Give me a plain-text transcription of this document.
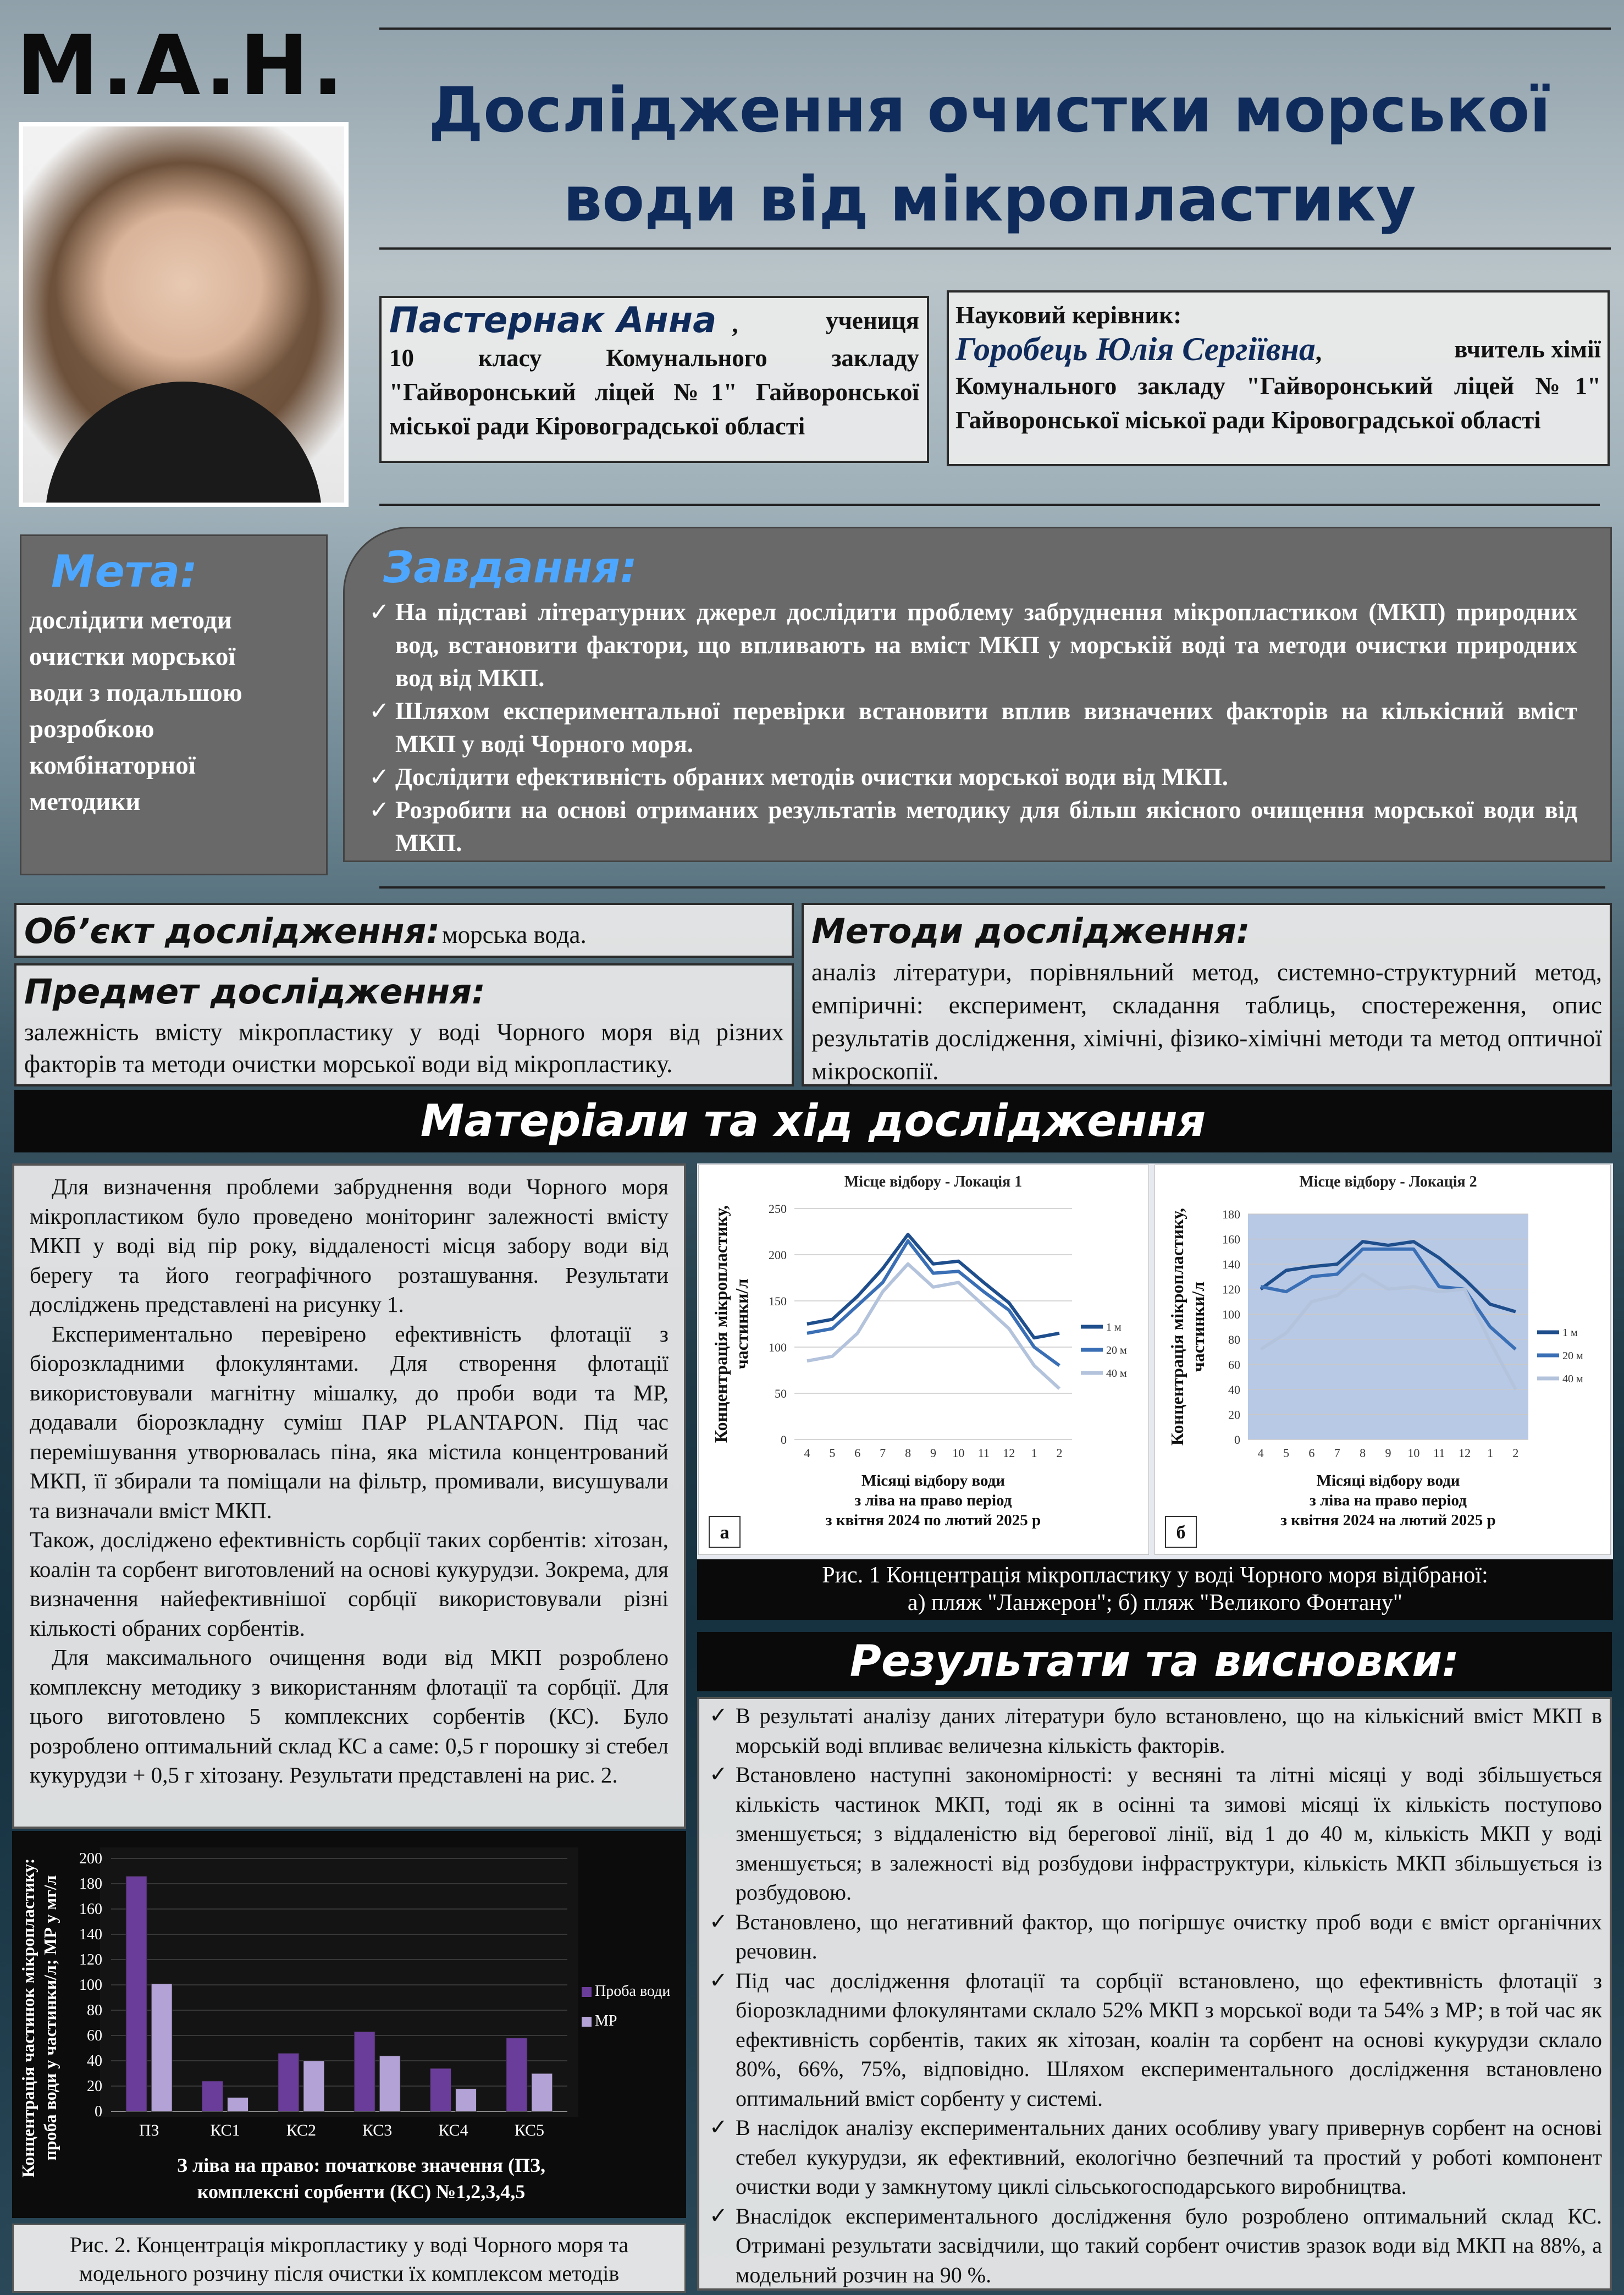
M.A.H.	Дослідження очистки морської
води від мікропластику

Пастернак Анна ,	учениця

10 класу Комунального закладу "Гайворонський ліцей №1" Гайворонської міської ради Кіровоградської області

Науковий керівник:

Горобець Юлія Сергіївна,	вчитель хімії

Комунального закладу "Гайворонський ліцей №1" Гайворонської міської ради Кіровоградської області

Мета:

дослідити методи очистки морської води з подальшою розробкою комбінаторної методики

Завдання:
✓ На підставі літературних джерел дослідити проблему забруднення мікропластиком (МКП) природних вод, встановити фактори, що впливають на вміст МКП у морській воді та методи очистки природних вод від МКП.
✓ Шляхом експериментальної перевірки встановити вплив визначених факторів на кількісний вміст МКП у воді Чорного моря.
✓ Дослідити ефективність обраних методів очистки морської води від МКП.
✓ Розробити на основі отриманих результатів методику для більш якісного очищення морської води від МКП.
Об’єкт дослідження: морська вода.
Предмет дослідження:

залежність вмісту мікропластику у воді Чорного моря від різних факторів та методи очистки морської води від мікропластику.

Методи дослідження:

аналіз літератури, порівняльний метод, системно-структурний метод, емпіричні: експеримент, складання таблиць, спостереження, опис результатів дослідження, хімічні, фізико-хімічні методи та метод оптичної мікроскопії.

Матеріали та хід дослідження

Для визначення проблеми забруднення води Чорного моря мікропластиком було проведено моніторинг залежності вмісту МКП у воді від пір року, віддаленості місця забору води від берегу та його географічного розташування. Результати досліджень представлені на рисунку 1.

Експериментально перевірено ефективність флотації з біорозкладними флокулянтами. Для створення флотації використовували магнітну мішалку, до проби води та МР, додавали біорозкладну суміш ПАР PLANTAPON. Під час перемішування утворювалась піна, яка містила концентрований МКП, її збирали та поміщали на фільтр, промивали, висушували та визначали вміст МКП.

Також, досліджено ефективність сорбції таких сорбентів: хітозан, коалін та сорбент виготовлений на основі кукурудзи. Зокрема, для визначення найефективнішої сорбції використовували різні кількості обраних сорбентів.

Для максимального очищення води від МКП розроблено комплексну методику з використанням флотації та сорбції. Для цього виготовлено 5 комплексних сорбентів (КС). Було розроблено оптимальний склад КС а саме: 0,5 г порошку зі стебел кукурудзи + 0,5 г хітозану. Результати представлені на рис. 2.

Місце відбору - Локація 1
0
50
100
150
200
250
4 5 6 7 8 9 10 11 12 1 2
1 м
20 м
40 м
Концентрація мікропластику, частинки/л
Місяці відбору води
з ліва на право період
з квітня 2024 по лютий 2025 р
а
Місце відбору - Локація 2
0
20
40
60
80
100
120
140
160
180
4 5 6 7 8 9 10 11 12 1 2
1 м
20 м
40 м
Концентрація мікропластику, частинки/л
Місяці відбору води
з ліва на право період
з квітня 2024 на лютий 2025 р
б
Рис. 1 Концентрація мікропластику у воді Чорного моря відібраної:
а) пляж "Ланжерон"; б) пляж "Великого Фонтану"
Результати та висновки:
✓ В результаті аналізу даних літератури було встановлено, що на кількісний вміст МКП в морській воді впливає величезна кількість факторів.
✓ Встановлено наступні закономірності: у весняні та літні місяці у воді збільшується кількість частинок МКП, тоді як в осінні та зимові місяці їх кількість поступово зменшується; з віддаленістю від берегової лінії, від 1 до 40 м, кількість МКП у воді зменшується; в залежності від розбудови інфраструктури, кількість МКП збільшується із розбудовою.
✓ Встановлено, що негативний фактор, що погіршує очистку проб води є вміст органічних речовин.
✓ Під час дослідження флотації та сорбції встановлено, що ефективність флотації з біорозкладними флокулянтами склало 52% МКП з морської води та 54% з МР; в той час як ефективність сорбентів, таких як хітозан, коалін та сорбент на основі кукурудзи склало 80%, 66%, 75%, відповідно. Шляхом експериментального дослідження встановлено оптимальний вміст сорбенту у системі.
✓ В наслідок аналізу експериментальних даних особливу увагу привернув сорбент на основі стебел кукурудзи, як ефективний, екологічно безпечний та простий у роботі компонент очистки води у замкнутому циклі сільськогосподарського виробництва.
✓ Внаслідок експериментального дослідження було розроблено оптимальний склад КС. Отримані результати засвідчили, що такий сорбент очистив зразок води від МКП на 88%, а модельний розчин на 90 %.
0
20
40
60
80
100
120
140
160
180
200
ПЗ	КС1	КС2	КС3	КС4	КС5
Проба води
МР
Концентрація частинок мікропластику: проба води у частинки/л; МР у мг/л
З ліва на право: початкове значення (ПЗ,
комплексні сорбенти (КС) №1,2,3,4,5
Рис. 2. Концентрація мікропластику у воді Чорного моря та
модельного розчину після очистки їх комплексом методів
